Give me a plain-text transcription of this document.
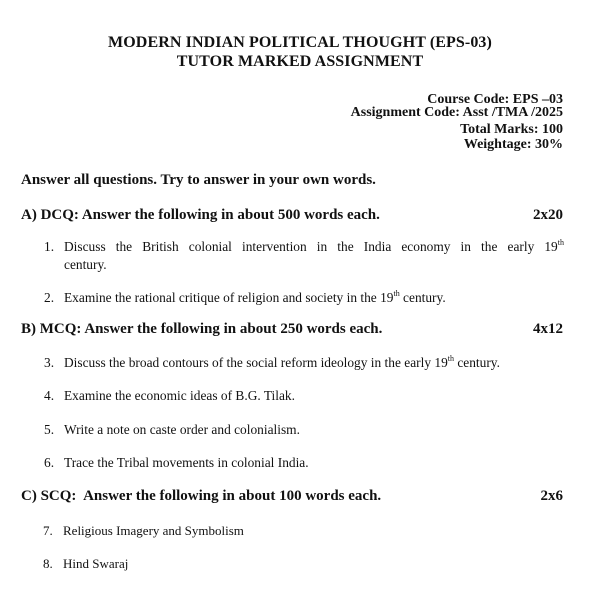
MODERN INDIAN POLITICAL THOUGHT (EPS-03)
TUTOR MARKED ASSIGNMENT
Course Code: EPS –03
Assignment Code: Asst /TMA /2025
Total Marks: 100
Weightage: 30%
Answer all questions. Try to answer in your own words.
A) DCQ: Answer the following in about 500 words each.	2x20
1. Discuss the British colonial intervention in the India economy in the early 19th
century.
2. Examine the rational critique of religion and society in the 19th century.
B) MCQ: Answer the following in about 250 words each.	4x12
3. Discuss the broad contours of the social reform ideology in the early 19th century.
4. Examine the economic ideas of B.G. Tilak.
5. Write a note on caste order and colonialism.
6. Trace the Tribal movements in colonial India.
C) SCQ:  Answer the following in about 100 words each.	2x6
7. Religious Imagery and Symbolism
8. Hind Swaraj
